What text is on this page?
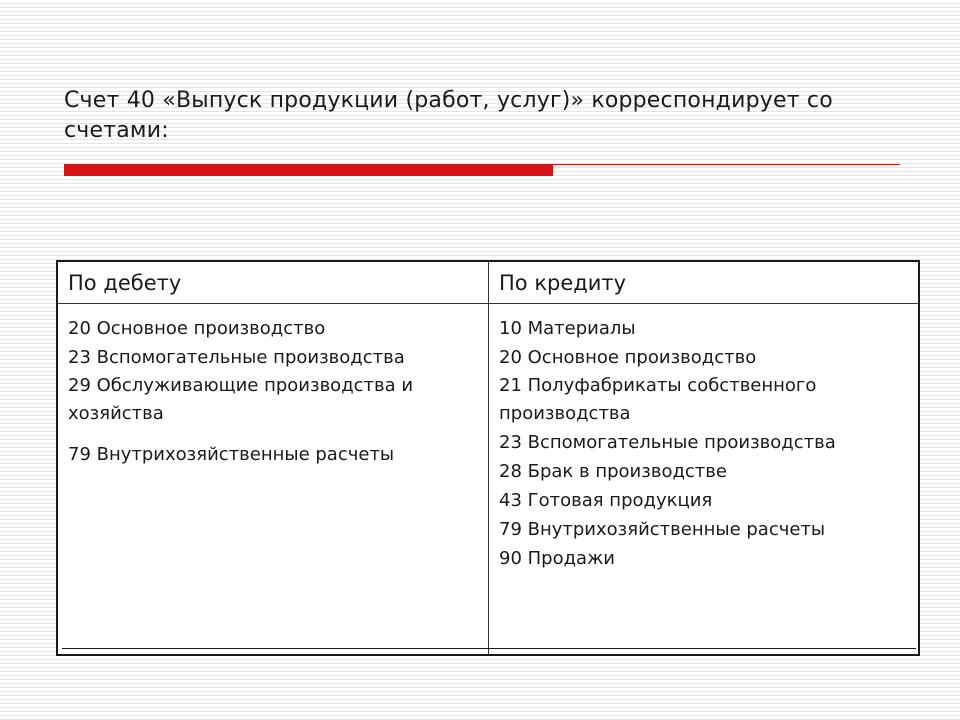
Счет 40 «Выпуск продукции (работ, услуг)» корреспондирует со счетами:
По дебету
20 Основное производство
23 Вспомогательные производства
29 Обслуживающие производства и хозяйства
79 Внутрихозяйственные расчеты
По кредиту
10 Материалы
20 Основное производство
21 Полуфабрикаты собственного производства
23 Вспомогательные производства
28 Брак в производстве
43 Готовая продукция
79 Внутрихозяйственные расчеты
90 Продажи
